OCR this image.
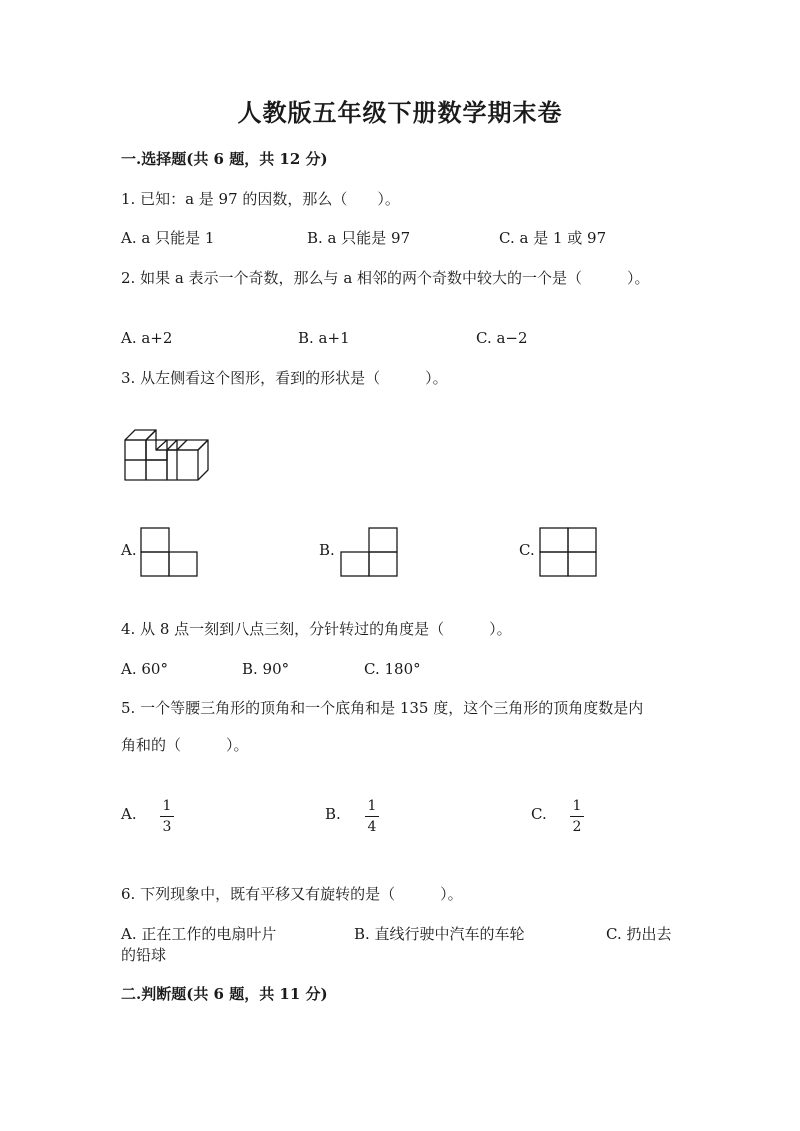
人教版五年级下册数学期末卷
一.选择题(共 6 题，共 12 分)
1. 已知：a 是 97 的因数，那么（　　）。
A. a 只能是 1	B. a 只能是 97	C. a 是 1 或 97
2. 如果 a 表示一个奇数，那么与 a 相邻的两个奇数中较大的一个是（　　　）。
A. a+2	B. a+1	C. a−2
3. 从左侧看这个图形，看到的形状是（　　　）。
A.	B.	C.
4. 从 8 点一刻到八点三刻，分针转过的角度是（　　　）。
A. 60°	B. 90°	C. 180°
5. 一个等腰三角形的顶角和一个底角和是 135 度，这个三角形的顶角度数是内
角和的（　　　）。
A.	1
3
B.	1
4
C.	1
2
6. 下列现象中，既有平移又有旋转的是（　　　）。
A. 正在工作的电扇叶片	B. 直线行驶中汽车的车轮	C. 扔出去
的铅球
二.判断题(共 6 题，共 11 分)
